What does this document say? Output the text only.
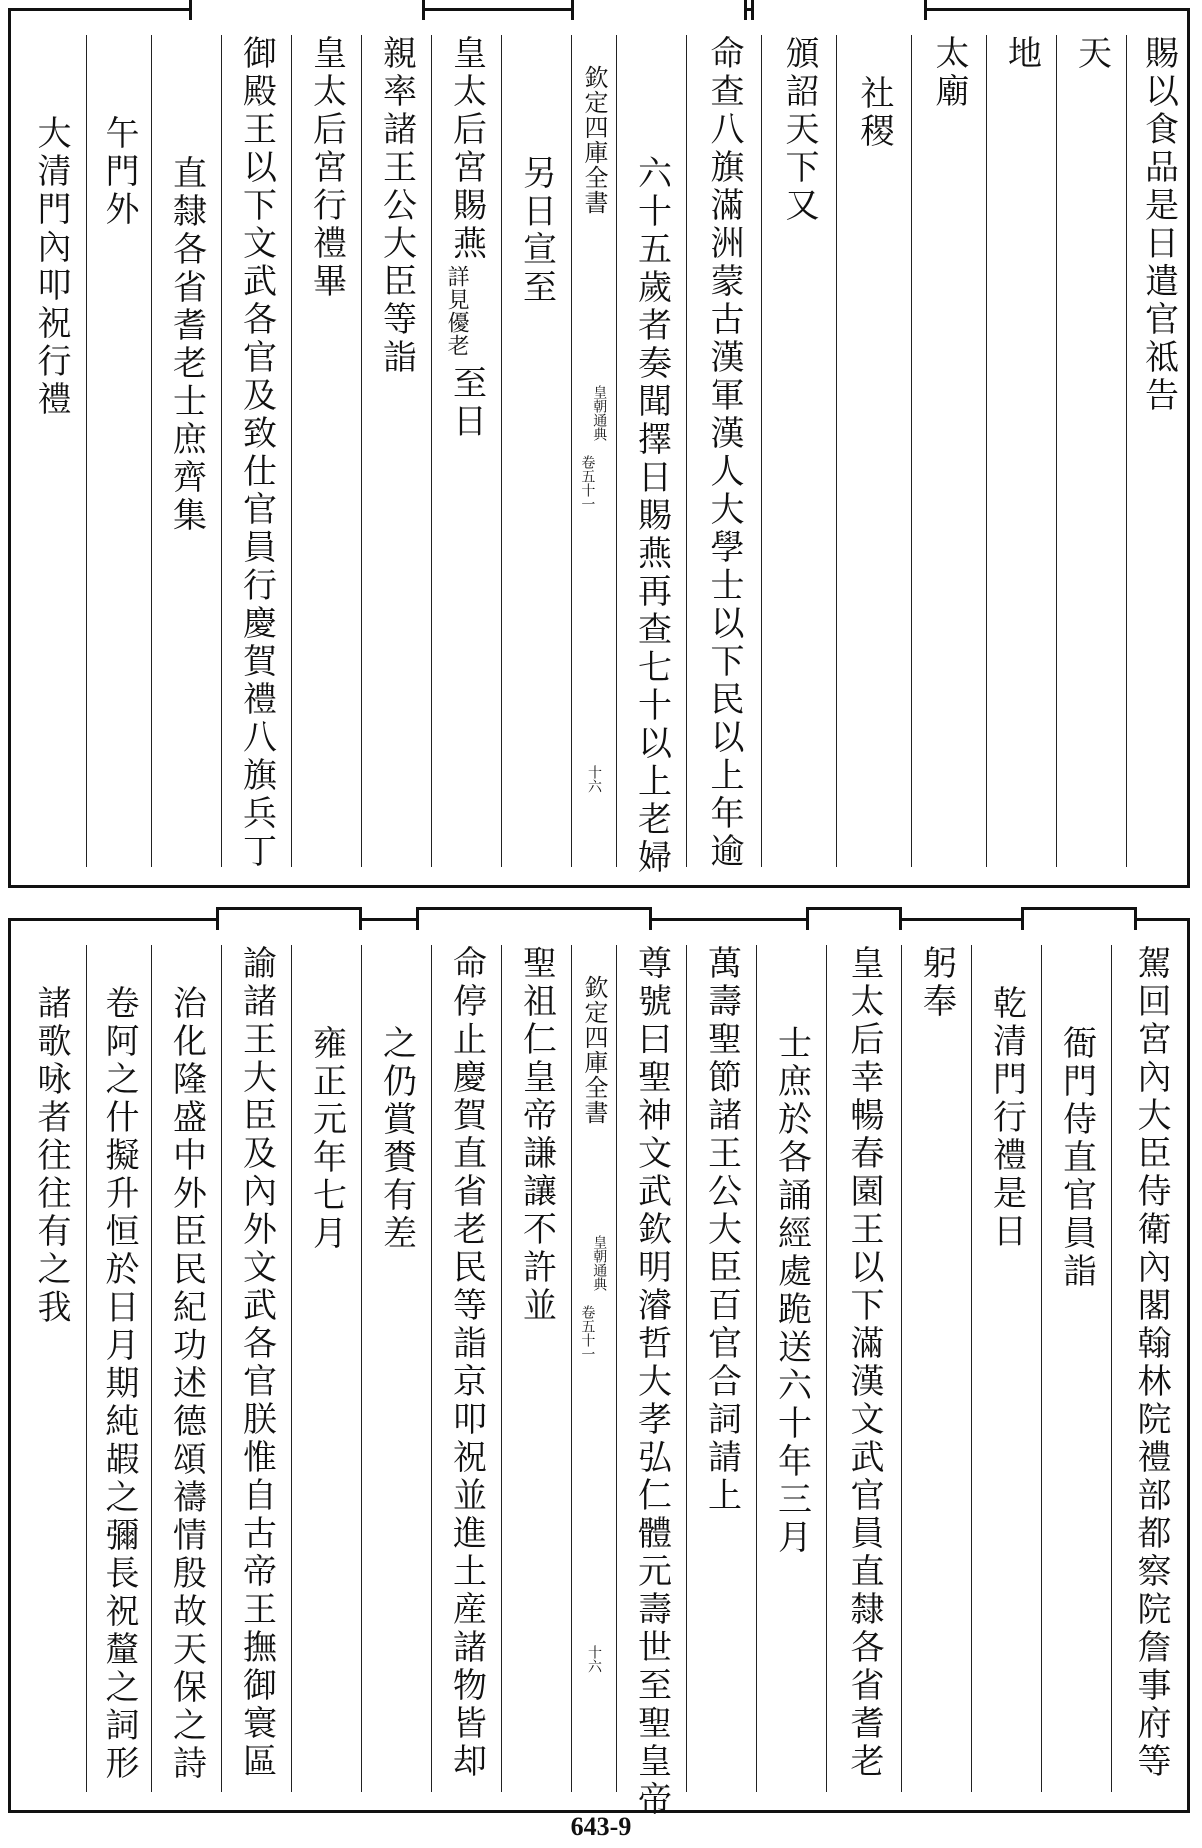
賜以食品是日遣官祗告
天
地
太廟
社稷
頒詔天下又
命查八旗滿洲蒙古漢軍漢人大學士以下民以上年逾
六十五歲者奏聞擇日賜燕再查七十以上老婦
欽定四庫全書
皇朝通典
卷五十一
十六
另日宣至
皇太后宮賜燕
詳見優老
至日
親率諸王公大臣等詣
皇太后宮行禮畢
御殿王以下文武各官及致仕官員行慶賀禮八旗兵丁
直隸各省耆老士庶齊集
午門外
大清門內叩祝行禮
駕回宮內大臣侍衛內閣翰林院禮部都察院詹事府等
衙門侍直官員詣
乾清門行禮是日
躬奉
皇太后幸暢春園王以下滿漢文武官員直隸各省耆老
士庶於各誦經處跪送六十年三月
萬壽聖節諸王公大臣百官合詞請上
尊號曰聖神文武欽明濬哲大孝弘仁體元壽世至聖皇帝
欽定四庫全書
皇朝通典
卷五十一
十六
聖祖仁皇帝謙讓不許並
命停止慶賀直省老民等詣京叩祝並進土産諸物皆却
之仍賞賚有差
雍正元年七月
諭諸王大臣及內外文武各官朕惟自古帝王撫御寰區
治化隆盛中外臣民紀功述德頌禱情殷故天保之詩
卷阿之什擬升恒於日月期純嘏之彌長祝釐之詞形
諸歌咏者往往有之我
643-9
